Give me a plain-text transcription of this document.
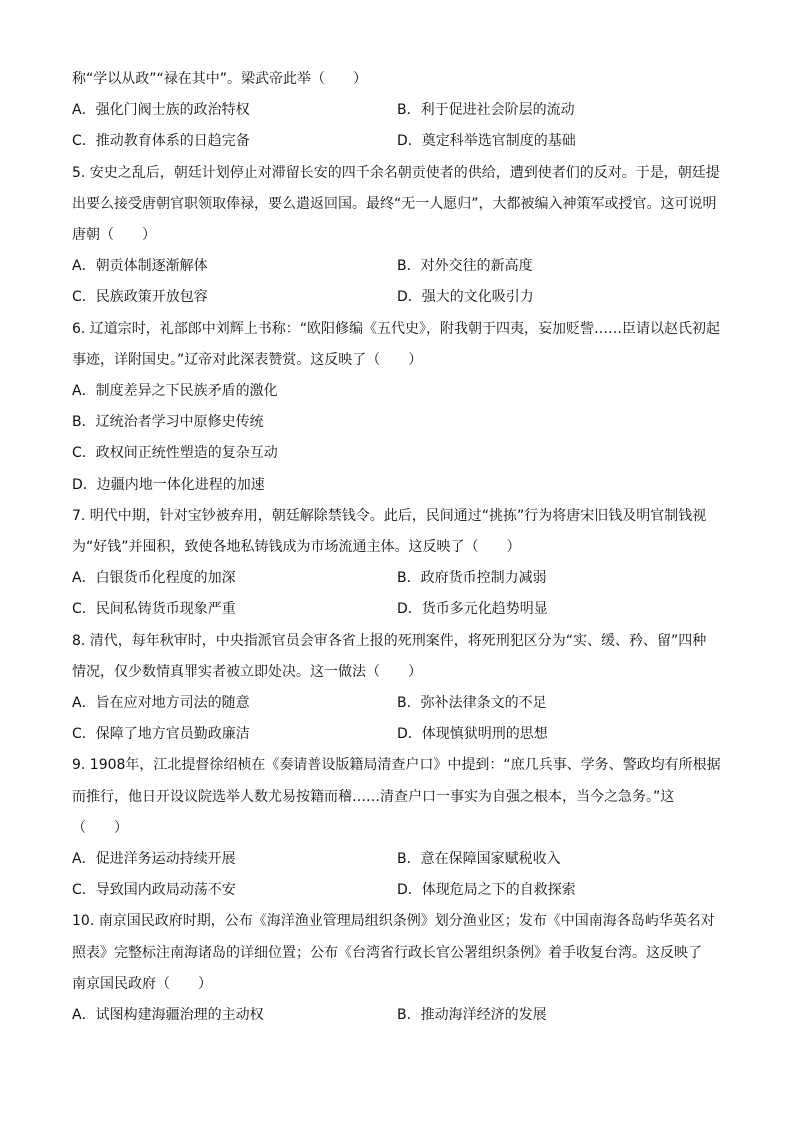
称“学以从政”“禄在其中”。梁武帝此举（　　）
A．强化门阀士族的政治特权	B．利于促进社会阶层的流动
C．推动教育体系的日趋完备	D．奠定科举选官制度的基础
5. 安史之乱后，朝廷计划停止对滞留长安的四千余名朝贡使者的供给，遭到使者们的反对。于是，朝廷提
出要么接受唐朝官职领取俸禄，要么遣返回国。最终“无一人愿归”，大都被编入神策军或授官。这可说明
唐朝（　　）
A．朝贡体制逐渐解体	B．对外交往的新高度
C．民族政策开放包容	D．强大的文化吸引力
6. 辽道宗时，礼部郎中刘辉上书称：“欧阳修编《五代史》，附我朝于四夷，妄加贬訾……臣请以赵氏初起
事迹，详附国史。”辽帝对此深表赞赏。这反映了（　　）
A．制度差异之下民族矛盾的激化
B．辽统治者学习中原修史传统
C．政权间正统性塑造的复杂互动
D．边疆内地一体化进程的加速
7. 明代中期，针对宝钞被弃用，朝廷解除禁钱令。此后，民间通过“挑拣”行为将唐宋旧钱及明官制钱视
为“好钱”并囤积，致使各地私铸钱成为市场流通主体。这反映了（　　）
A．白银货币化程度的加深	B．政府货币控制力减弱
C．民间私铸货币现象严重	D．货币多元化趋势明显
8. 清代，每年秋审时，中央指派官员会审各省上报的死刑案件，将死刑犯区分为“实、缓、矜、留”四种
情况，仅少数情真罪实者被立即处决。这一做法（　　）
A．旨在应对地方司法的随意	B．弥补法律条文的不足
C．保障了地方官员勤政廉洁	D．体现慎狱明刑的思想
9. 1908年，江北提督徐绍桢在《奏请普设版籍局清查户口》中提到：“庶几兵事、学务、警政均有所根据
而推行，他日开设议院选举人数尤易按籍而稽……清查户口一事实为自强之根本，当今之急务。”这
（　　）
A．促进洋务运动持续开展	B．意在保障国家赋税收入
C．导致国内政局动荡不安	D．体现危局之下的自救探索
10. 南京国民政府时期，公布《海洋渔业管理局组织条例》划分渔业区；发布《中国南海各岛屿华英名对
照表》完整标注南海诸岛的详细位置；公布《台湾省行政长官公署组织条例》着手收复台湾。这反映了
南京国民政府（　　）
A．试图构建海疆治理的主动权	B．推动海洋经济的发展
